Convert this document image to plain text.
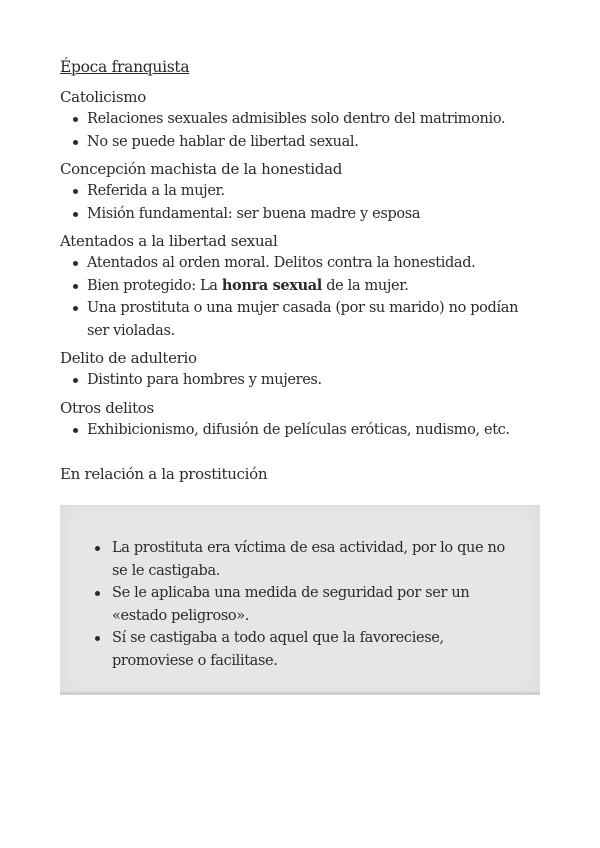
Época franquista
Catolicismo
Relaciones sexuales admisibles solo dentro del matrimonio.
No se puede hablar de libertad sexual.
Concepción machista de la honestidad
Referida a la mujer.
Misión fundamental: ser buena madre y esposa
Atentados a la libertad sexual
Atentados al orden moral. Delitos contra la honestidad.
Bien protegido: La honra sexual de la mujer.
Una prostituta o una mujer casada (por su marido) no podían ser violadas.
Delito de adulterio
Distinto para hombres y mujeres.
Otros delitos
Exhibicionismo, difusión de películas eróticas, nudismo, etc.
En relación a la prostitución
La prostituta era víctima de esa actividad, por lo que no se le castigaba.
Se le aplicaba una medida de seguridad por ser un «estado peligroso».
Sí se castigaba a todo aquel que la favoreciese, promoviese o facilitase.
